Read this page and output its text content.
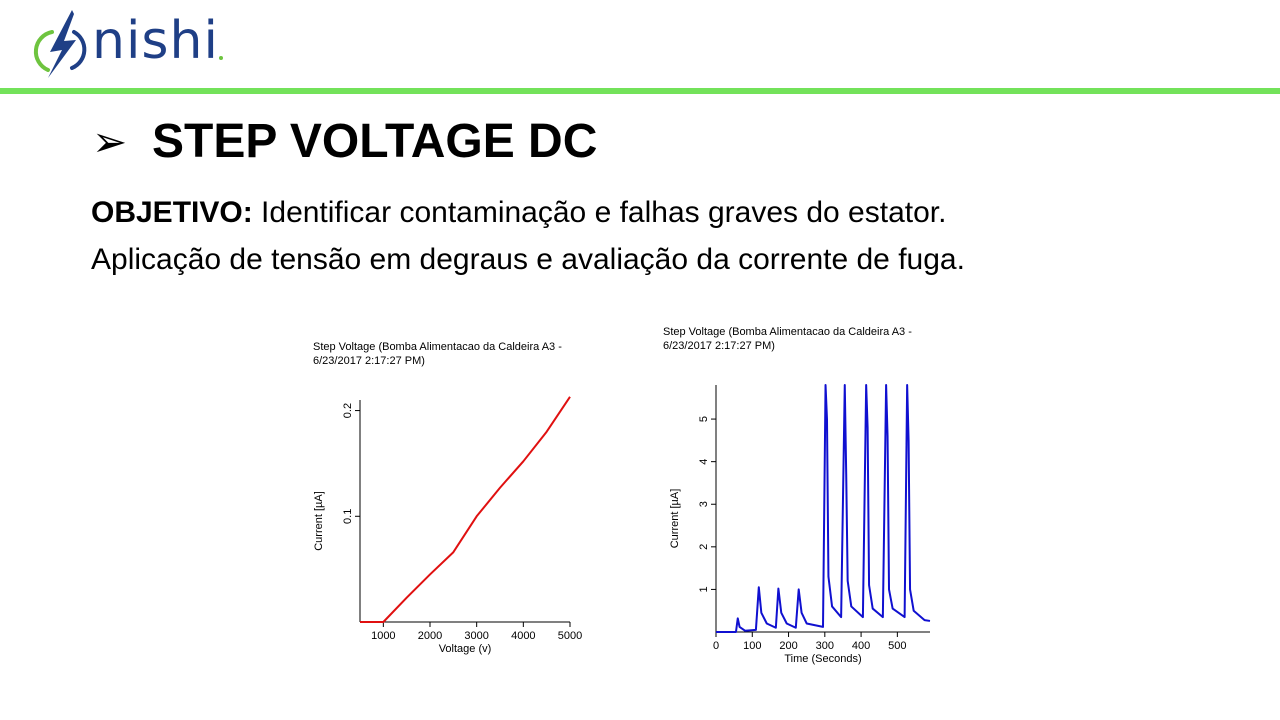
nishi
➢ STEP VOLTAGE DC
OBJETIVO: Identificar contaminação e falhas graves do estator.
Aplicação de tensão em degraus e avaliação da corrente de fuga.
Step Voltage (Bomba Alimentacao da Caldeira A3 -
6/23/2017 2:17:27 PM)
Step Voltage (Bomba Alimentacao da Caldeira A3 -
6/23/2017 2:17:27 PM)
1000 2000 3000 4000 5000
0.1
0.2
Voltage (v)
Current [µA]
0 100 200 300 400 500
1
2
3
4
5
Time (Seconds)
Current [µA]
